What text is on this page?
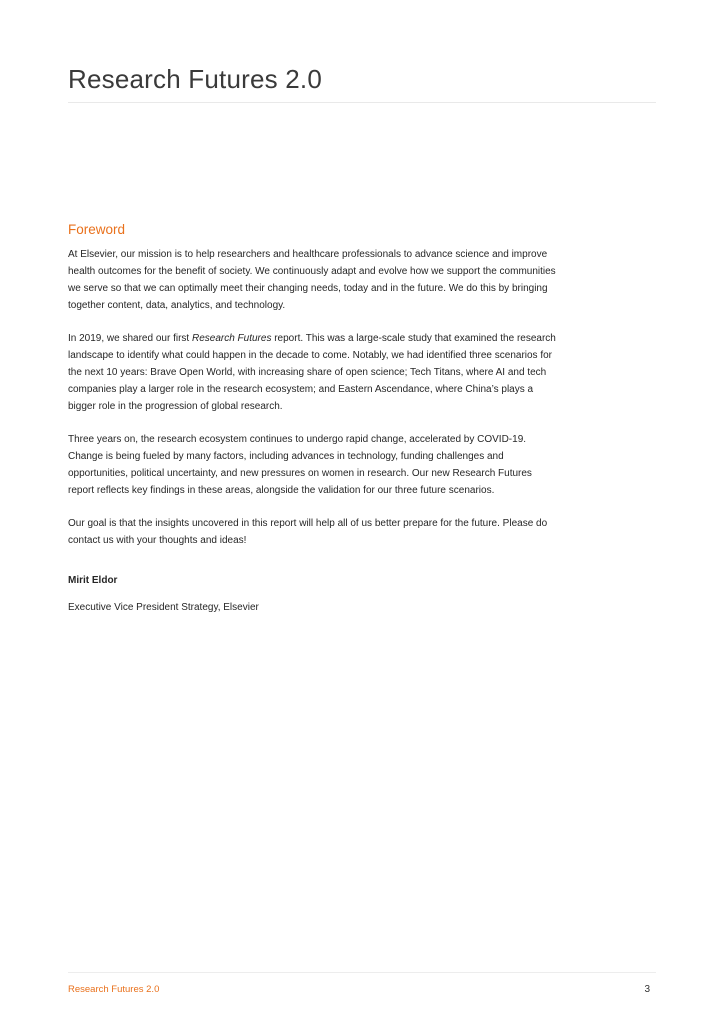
Research Futures 2.0
Foreword

At Elsevier, our mission is to help researchers and healthcare professionals to advance science and improve health outcomes for the benefit of society. We continuously adapt and evolve how we support the communities we serve so that we can optimally meet their changing needs, today and in the future. We do this by bringing together content, data, analytics, and technology.

In 2019, we shared our first Research Futures report. This was a large-scale study that examined the research landscape to identify what could happen in the decade to come. Notably, we had identified three scenarios for the next 10 years: Brave Open World, with increasing share of open science; Tech Titans, where AI and tech companies play a larger role in the research ecosystem; and Eastern Ascendance, where China’s plays a bigger role in the progression of global research.

Three years on, the research ecosystem continues to undergo rapid change, accelerated by COVID-19. Change is being fueled by many factors, including advances in technology, funding challenges and opportunities, political uncertainty, and new pressures on women in research. Our new Research Futures report reflects key findings in these areas, alongside the validation for our three future scenarios.

Our goal is that the insights uncovered in this report will help all of us better prepare for the future. Please do contact us with your thoughts and ideas!

Mirit Eldor

Executive Vice President Strategy, Elsevier

Research Futures 2.0	3
